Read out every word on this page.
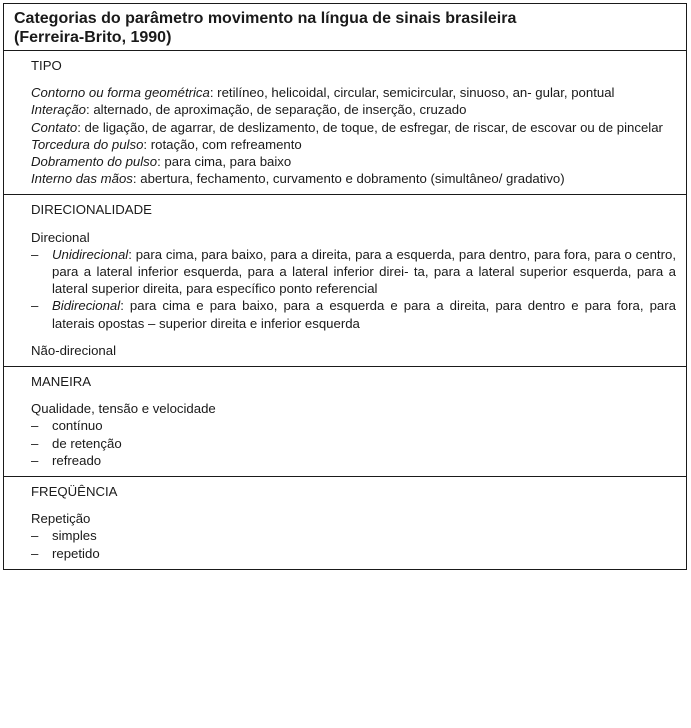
Categorias do parâmetro movimento na língua de sinais brasileira
(Ferreira-Brito, 1990)
TIPO
Contorno ou forma geométrica: retilíneo, helicoidal, circular, semicircular, sinuoso, an- gular, pontual
Interação: alternado, de aproximação, de separação, de inserção, cruzado
Contato: de ligação, de agarrar, de deslizamento, de toque, de esfregar, de riscar, de escovar ou de pincelar
Torcedura do pulso: rotação, com refreamento
Dobramento do pulso: para cima, para baixo
Interno das mãos: abertura, fechamento, curvamento e dobramento (simultâneo/ gradativo)
DIRECIONALIDADE
Direcional
–	Unidirecional: para cima, para baixo, para a direita, para a esquerda, para dentro, para fora, para o centro, para a lateral inferior esquerda, para a lateral inferior direi- ta, para a lateral superior esquerda, para a lateral superior direita, para específico ponto referencial
–	Bidirecional: para cima e para baixo, para a esquerda e para a direita, para dentro e para fora, para laterais opostas – superior direita e inferior esquerda
Não-direcional
MANEIRA
Qualidade, tensão e velocidade
–	contínuo
–	de retenção
–	refreado
FREQÜÊNCIA
Repetição
–	simples
–	repetido
